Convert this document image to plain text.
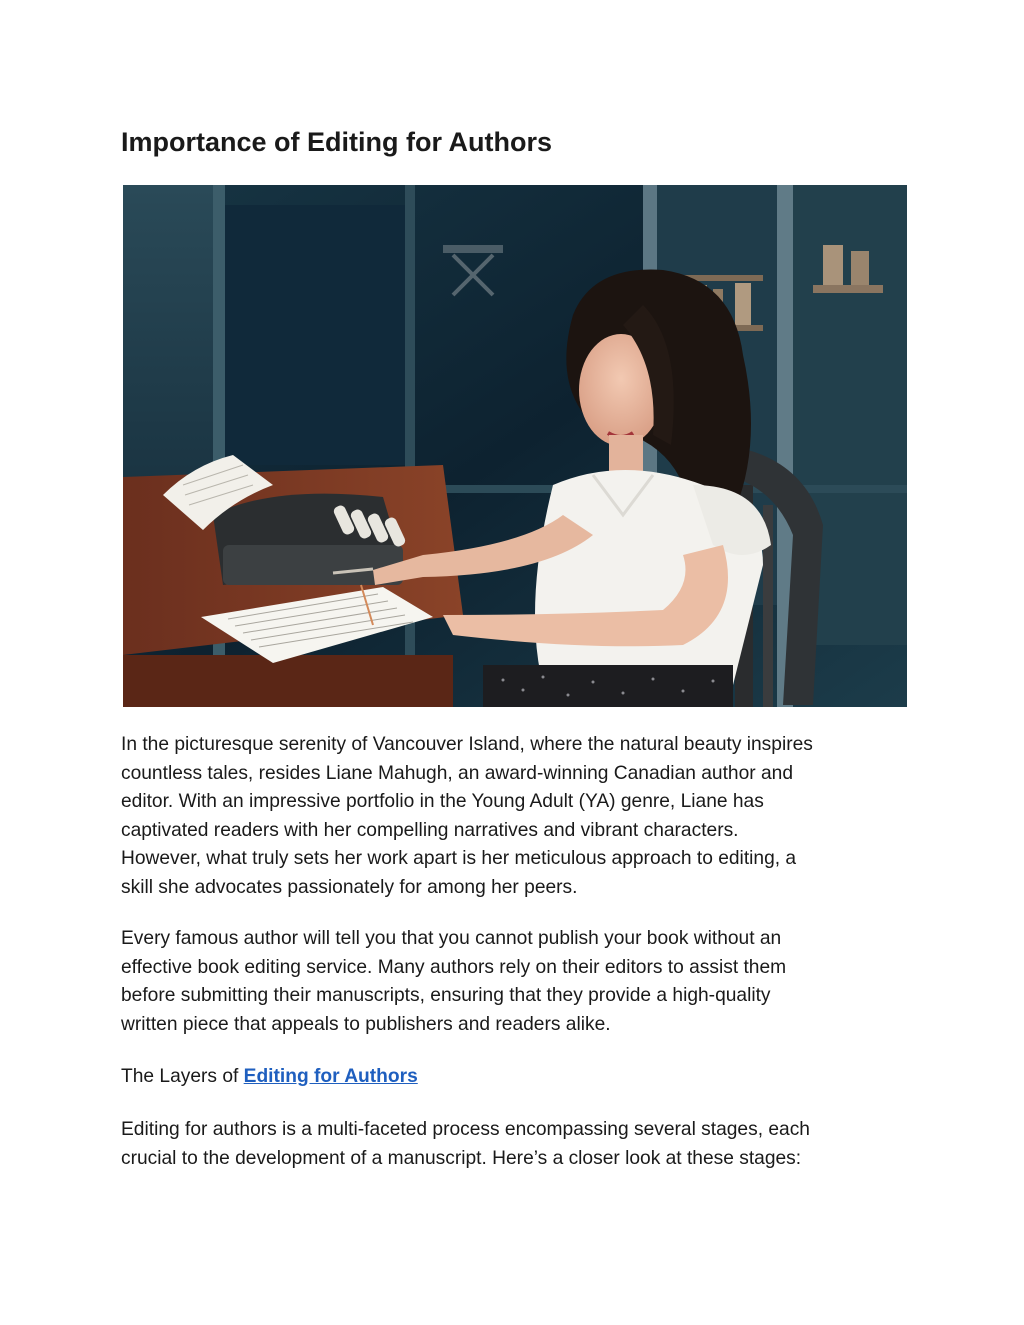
Importance of Editing for Authors

In the picturesque serenity of Vancouver Island, where the natural beauty inspires
countless tales, resides Liane Mahugh, an award-winning Canadian author and
editor. With an impressive portfolio in the Young Adult (YA) genre, Liane has
captivated readers with her compelling narratives and vibrant characters.
However, what truly sets her work apart is her meticulous approach to editing, a
skill she advocates passionately for among her peers.

Every famous author will tell you that you cannot publish your book without an
effective book editing service. Many authors rely on their editors to assist them
before submitting their manuscripts, ensuring that they provide a high-quality
written piece that appeals to publishers and readers alike.

The Layers of Editing for Authors

Editing for authors is a multi-faceted process encompassing several stages, each
crucial to the development of a manuscript. Here’s a closer look at these stages:
